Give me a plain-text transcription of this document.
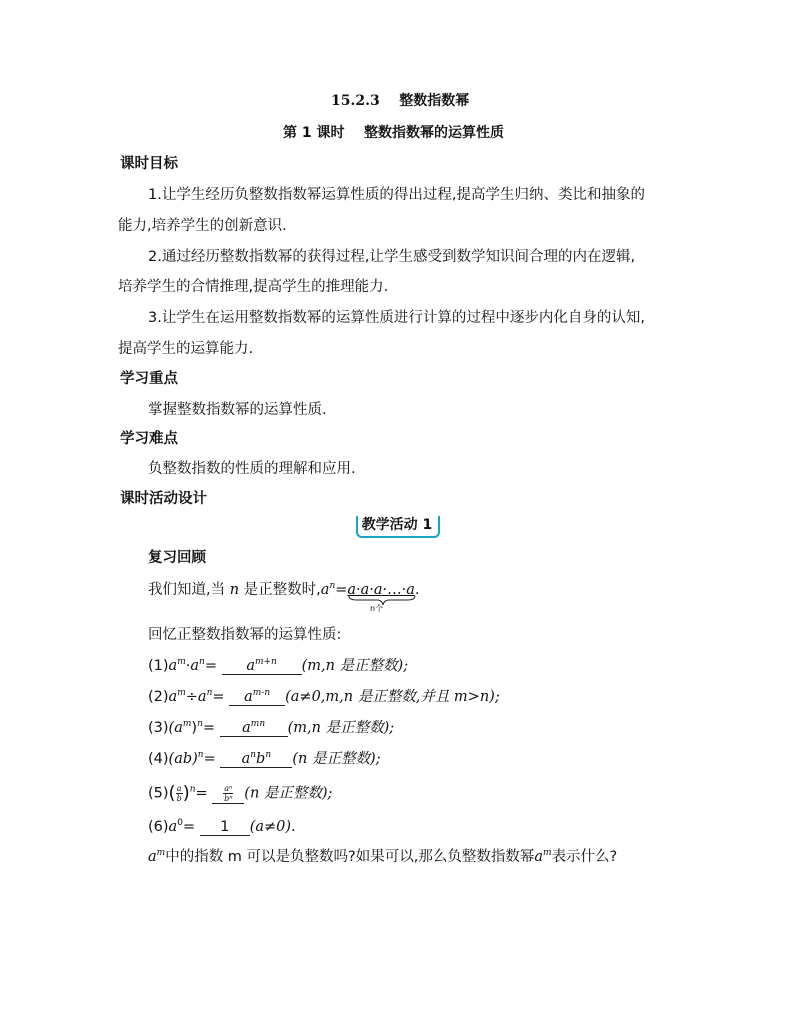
15.2.3 整数指数幂
第 1 课时 整数指数幂的运算性质
课时目标
1.让学生经历负整数指数幂运算性质的得出过程,提高学生归纳、类比和抽象的
能力,培养学生的创新意识.
2.通过经历整数指数幂的获得过程,让学生感受到数学知识间合理的内在逻辑,
培养学生的合情推理,提高学生的推理能力.
3.让学生在运用整数指数幂的运算性质进行计算的过程中逐步内化自身的认知,
提高学生的运算能力.
学习重点
掌握整数指数幂的运算性质.
学习难点
负整数指数的性质的理解和应用.
课时活动设计
教学活动 1
复习回顾
我们知道,当 n 是正整数时$,a^n=a\cdot a\cdot a\cdot\dots\cdot a$.
n个
回忆正整数指数幂的运算性质:
$(1)a^m\cdot a^n= a^{m+n}$ (m,n 是正整数);
$(2)a^m\div a^n= a^{m-n}$ (a≠0,m,n 是正整数,并且 m>n);
$(3)(a^m)^n= a^{mn}$ (m,n 是正整数);
$(4)(ab)^n= a^nb^n$ (n 是正整数);
$(5)( \frac{a}{b} )^n= \frac{\text{aⁿ}}{\text{bⁿ}} (n$ 是正整数);
$(6)a^0= 1$ (a≠0).
$a^m$中的指数 m 可以是负整数吗?如果可以,那么负整数指数幂$a^m$表示什么?
